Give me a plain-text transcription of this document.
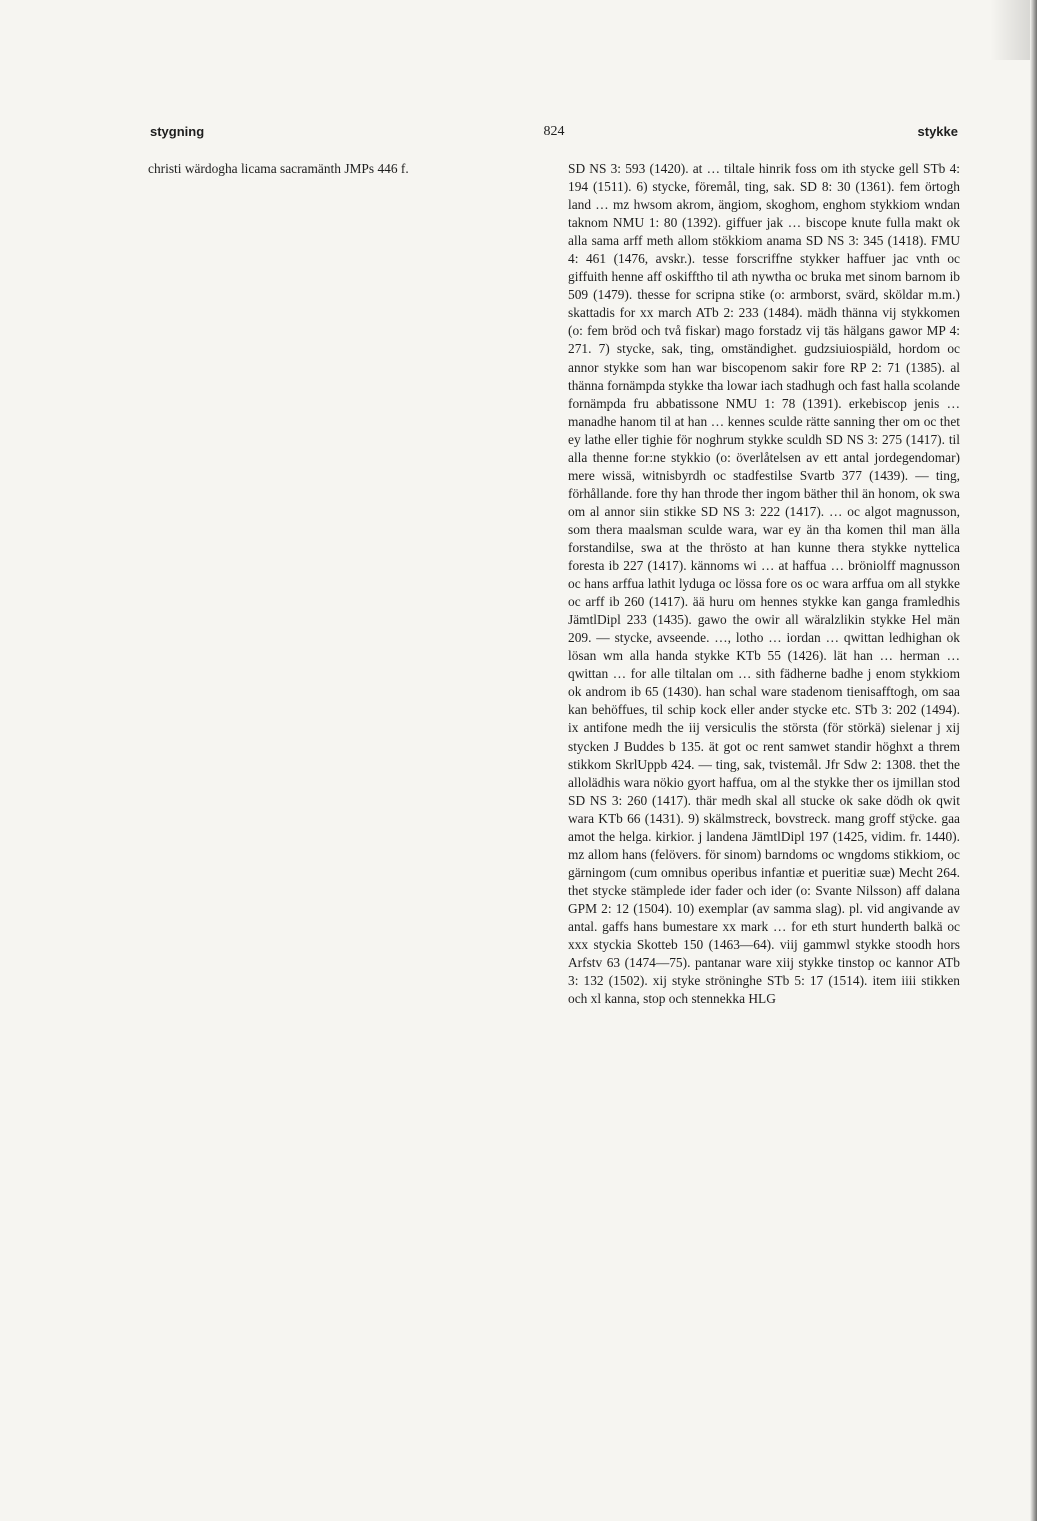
824
stygning	stykke

christi wärdogha licama sacramänth JMPs 446 f.	SD NS 3: 593 (1420). at … tiltale hinrik foss om ith stycke gell STb 4: 194 (1511). 6) stycke, föremål, ting, sak. SD 8: 30 (1361). fem örtogh land … mz hwsom akrom, ängiom, skoghom, enghom stykkiom wndan taknom NMU 1: 80 (1392). giffuer jak … biscope knute fulla makt ok alla sama arff meth allom stökkiom anama SD NS 3: 345 (1418). FMU 4: 461 (1476, avskr.). tesse forscriffne stykker haffuer jac vnth oc giffuith henne aff oskifftho til ath nywtha oc bruka met sinom barnom ib 509 (1479). thesse for scripna stike (o: armborst, svärd, sköldar m.m.) skattadis for xx march ATb 2: 233 (1484). mädh thänna vij stykkomen (o: fem bröd och två fiskar) mago forstadz vij täs hälgans gawor MP 4: 271. 7) stycke, sak, ting, omständighet. gudzsiuiospiäld, hordom oc annor stykke som han war biscopenom sakir fore RP 2: 71 (1385). al thänna fornämpda stykke tha lowar iach stadhugh och fast halla scolande fornämpda fru abbatissone NMU 1: 78 (1391). erkebiscop jenis … manadhe hanom til at han … kennes sculde rätte sanning ther om oc thet ey lathe eller tighie för noghrum stykke sculdh SD NS 3: 275 (1417). til alla thenne for:ne stykkio (o: överlåtelsen av ett antal jordegendomar) mere wissä, witnisbyrdh oc stadfestilse Svartb 377 (1439). — ting, förhållande. fore thy han throde ther ingom bäther thil än honom, ok swa om al annor siin stikke SD NS 3: 222 (1417). … oc algot magnusson, som thera maalsman sculde wara, war ey än tha komen thil man älla forstandilse, swa at the thrösto at han kunne thera stykke nyttelica foresta ib 227 (1417). kännoms wi … at haffua … bröniolff magnusson oc hans arffua lathit lyduga oc lössa fore os oc wara arffua om all stykke oc arff ib 260 (1417). ää huru om hennes stykke kan ganga framledhis JämtlDipl 233 (1435). gawo the owir all wäralzlikin stykke Hel män 209. — stycke, avseende. …, lotho … iordan … qwittan ledhighan ok lösan wm alla handa stykke KTb 55 (1426). lät han … herman … qwittan … for alle tiltalan om … sith fädherne badhe j enom stykkiom ok androm ib 65 (1430). han schal ware stadenom tienisafftogh, om saa kan behöffues, til schip kock eller ander stycke etc. STb 3: 202 (1494). ix antifone medh the iij versiculis the största (för störkä) sielenar j xij stycken J Buddes b 135. ät got oc rent samwet standir höghxt a threm stikkom SkrlUppb 424. — ting, sak, tvistemål. Jfr Sdw 2: 1308. thet the allolädhis wara nökio gyort haffua, om al the stykke ther os ijmillan stod SD NS 3: 260 (1417). thär medh skal all stucke ok sake dödh ok qwit wara KTb 66 (1431). 9) skälmstreck, bovstreck. mang groff stÿcke. gaa amot the helga. kirkior. j landena JämtlDipl 197 (1425, vidim. fr. 1440). mz allom hans (felövers. för sinom) barndoms oc wngdoms stikkiom, oc gärningom (cum omnibus operibus infantiæ et pueritiæ suæ) Mecht 264. thet stycke stämplede ider fader och ider (o: Svante Nilsson) aff dalana GPM 2: 12 (1504). 10) exemplar (av samma slag). pl. vid angivande av antal. gaffs hans bumestare xx mark … for eth sturt hunderth balkä oc xxx styckia Skotteb 150 (1463—64). viij gammwl stykke stoodh hors Arfstv 63 (1474—75). pantanar ware xiij stykke tinstop oc kannor ATb 3: 132 (1502). xij styke ströninghe STb 5: 17 (1514). item iiii stikken och xl kanna, stop och stennekka HLG
